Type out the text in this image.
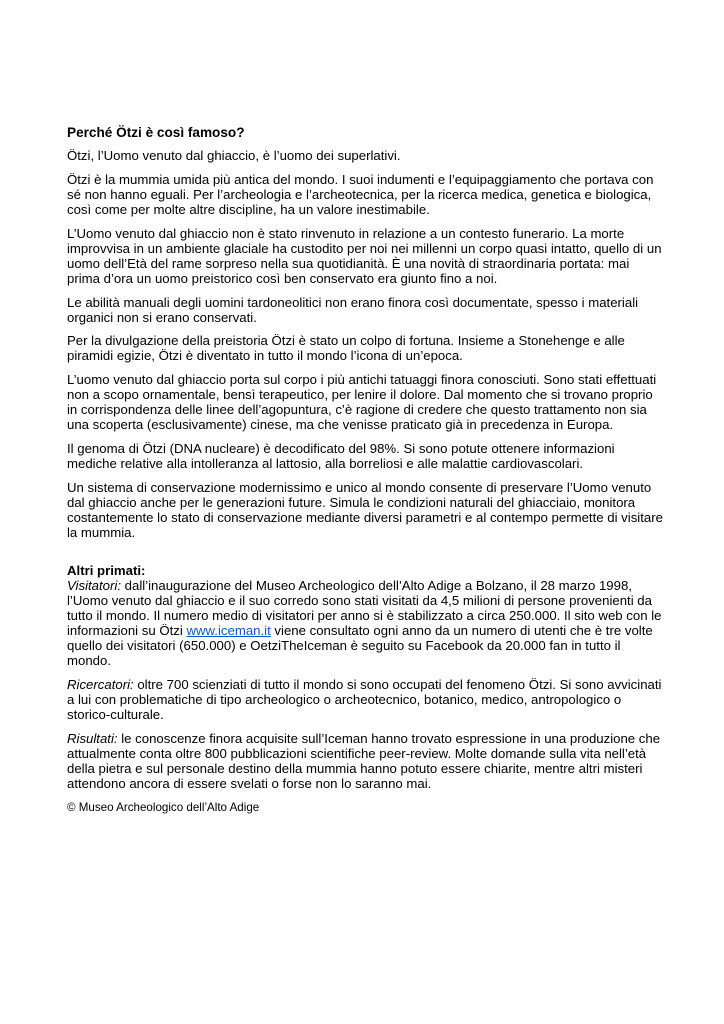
Perché Ötzi è così famoso?

Ötzi, l’Uomo venuto dal ghiaccio, è l’uomo dei superlativi.

Ötzi è la mummia umida più antica del mondo. I suoi indumenti e l’equipaggiamento che portava con sé non hanno eguali. Per l’archeologia e l’archeotecnica, per la ricerca medica, genetica e biologica, così come per molte altre discipline, ha un valore inestimabile.

L’Uomo venuto dal ghiaccio non è stato rinvenuto in relazione a un contesto funerario. La morte improvvisa in un ambiente glaciale ha custodito per noi nei millenni un corpo quasi intatto, quello di un uomo dell’Età del rame sorpreso nella sua quotidianità. È una novità di straordinaria portata: mai prima d’ora un uomo preistorico così ben conservato era giunto fino a noi.

Le abilità manuali degli uomini tardoneolitici non erano finora così documentate, spesso i materiali organici non si erano conservati.

Per la divulgazione della preistoria Ötzi è stato un colpo di fortuna. Insieme a Stonehenge e alle piramidi egizie, Ötzi è diventato in tutto il mondo l’icona di un’epoca.

L’uomo venuto dal ghiaccio porta sul corpo i più antichi tatuaggi finora conosciuti. Sono stati effettuati non a scopo ornamentale, bensì terapeutico, per lenire il dolore. Dal momento che si trovano proprio in corrispondenza delle linee dell’agopuntura, c’è ragione di credere che questo trattamento non sia una scoperta (esclusivamente) cinese, ma che venisse praticato già in precedenza in Europa.

Il genoma di Ötzi (DNA nucleare) è decodificato del 98%. Si sono potute ottenere informazioni mediche relative alla intolleranza al lattosio, alla borreliosi e alle malattie cardiovascolari.

Un sistema di conservazione modernissimo e unico al mondo consente di preservare l’Uomo venuto dal ghiaccio anche per le generazioni future. Simula le condizioni naturali del ghiacciaio, monitora costantemente lo stato di conservazione mediante diversi parametri e al contempo permette di visitare la mummia.

Altri primati:
Visitatori: dall’inaugurazione del Museo Archeologico dell’Alto Adige a Bolzano, il 28 marzo 1998, l’Uomo venuto dal ghiaccio e il suo corredo sono stati visitati da 4,5 milioni di persone provenienti da tutto il mondo. Il numero medio di visitatori per anno si è stabilizzato a circa 250.000. Il sito web con le informazioni su Ötzi www.iceman.it viene consultato ogni anno da un numero di utenti che è tre volte quello dei visitatori (650.000) e OetziTheIceman è seguito su Facebook da 20.000 fan in tutto il mondo.

Ricercatori: oltre 700 scienziati di tutto il mondo si sono occupati del fenomeno Ötzi. Si sono avvicinati a lui con problematiche di tipo archeologico o archeotecnico, botanico, medico, antropologico o storico-culturale.

Risultati: le conoscenze finora acquisite sull’Iceman hanno trovato espressione in una produzione che attualmente conta oltre 800 pubblicazioni scientifiche peer-review. Molte domande sulla vita nell’età della pietra e sul personale destino della mummia hanno potuto essere chiarite, mentre altri misteri attendono ancora di essere svelati o forse non lo saranno mai.

© Museo Archeologico dell’Alto Adige
